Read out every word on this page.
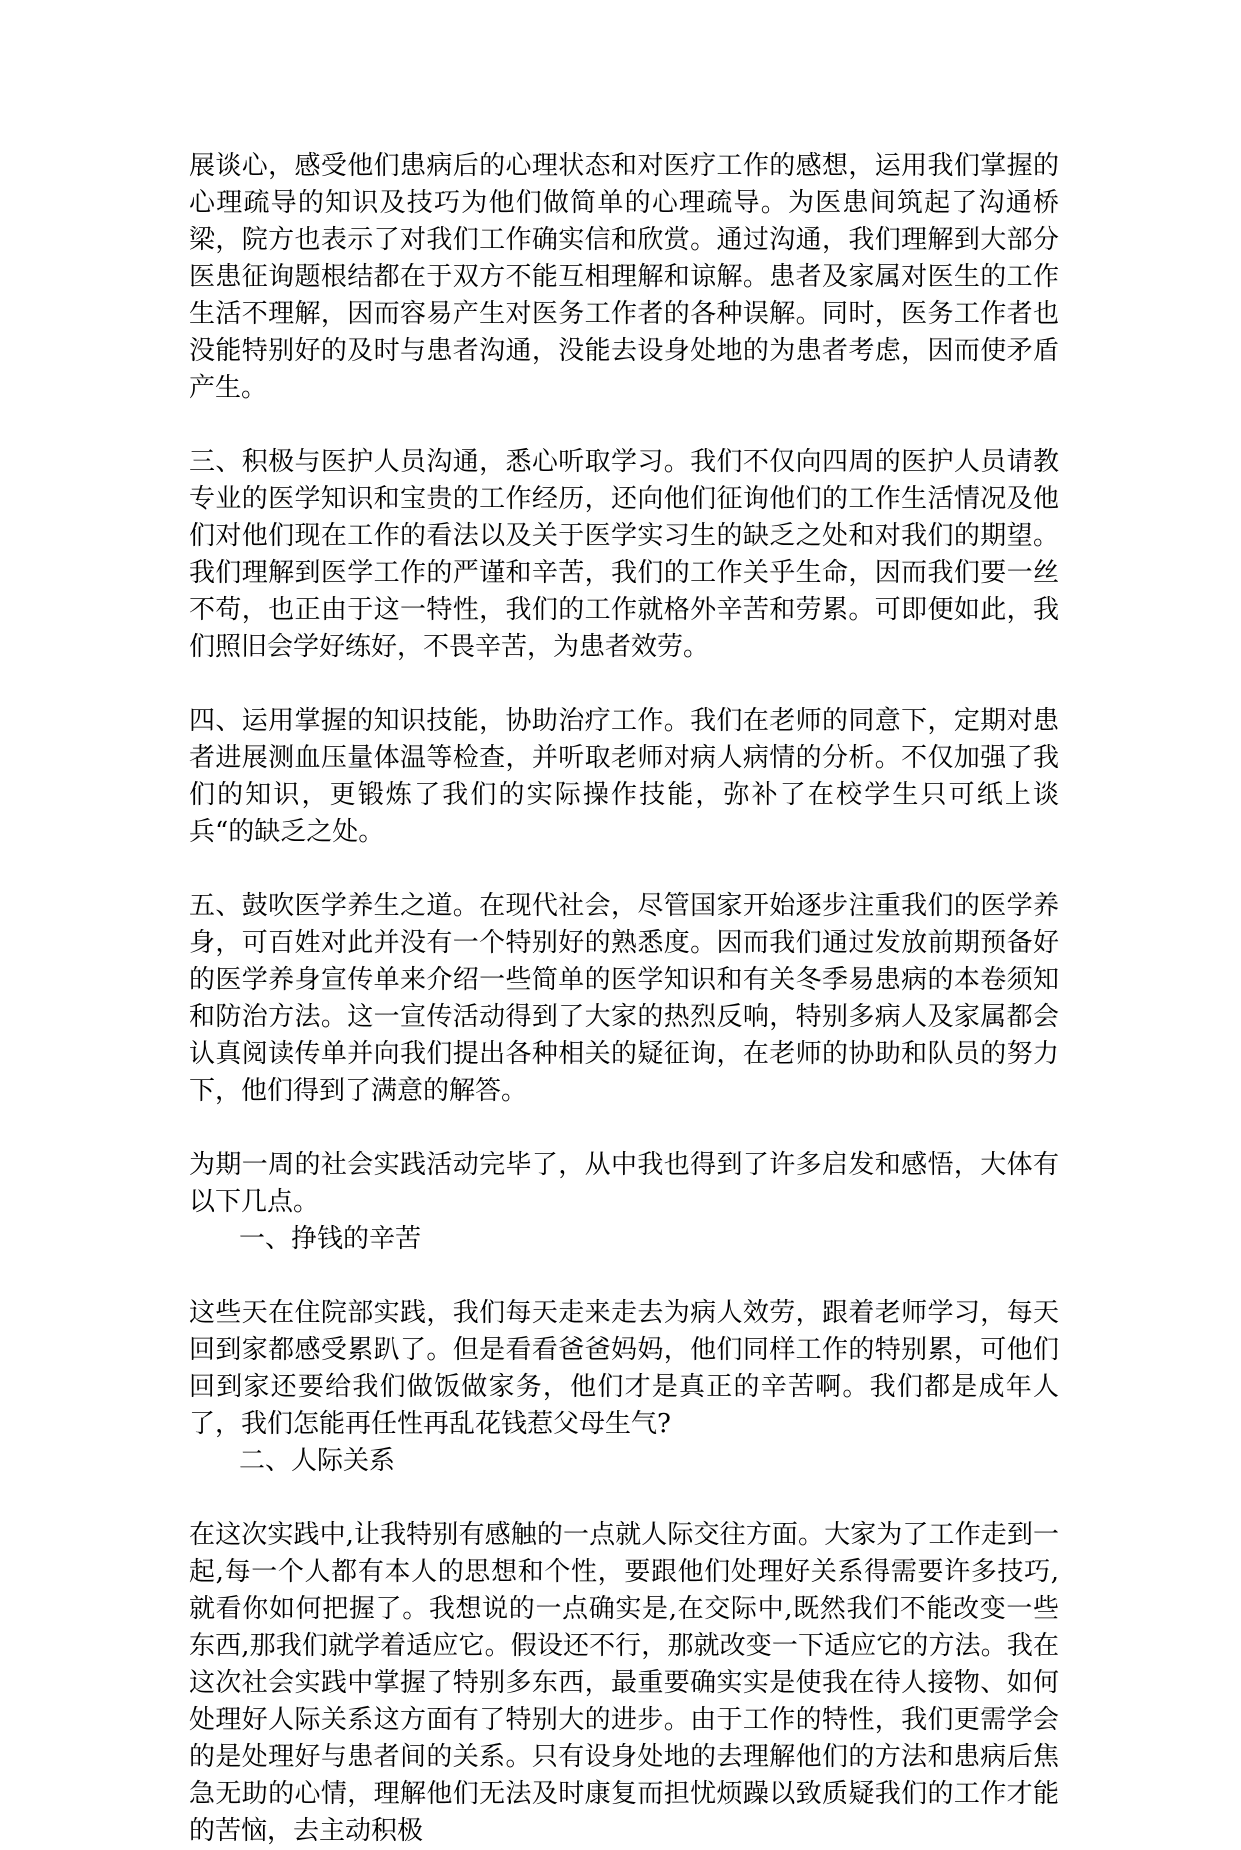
展谈心，感受他们患病后的心理状态和对医疗工作的感想，运用我们掌握的心理疏导的知识及技巧为他们做简单的心理疏导。为医患间筑起了沟通桥梁，院方也表示了对我们工作确实信和欣赏。通过沟通，我们理解到大部分医患征询题根结都在于双方不能互相理解和谅解。患者及家属对医生的工作生活不理解，因而容易产生对医务工作者的各种误解。同时，医务工作者也没能特别好的及时与患者沟通，没能去设身处地的为患者考虑，因而使矛盾产生。

三、积极与医护人员沟通，悉心听取学习。我们不仅向四周的医护人员请教专业的医学知识和宝贵的工作经历，还向他们征询他们的工作生活情况及他们对他们现在工作的看法以及关于医学实习生的缺乏之处和对我们的期望。我们理解到医学工作的严谨和辛苦，我们的工作关乎生命，因而我们要一丝不苟，也正由于这一特性，我们的工作就格外辛苦和劳累。可即便如此，我们照旧会学好练好，不畏辛苦，为患者效劳。

四、运用掌握的知识技能，协助治疗工作。我们在老师的同意下，定期对患者进展测血压量体温等检查，并听取老师对病人病情的分析。不仅加强了我们的知识，更锻炼了我们的实际操作技能，弥补了在校学生只可纸上谈兵“的缺乏之处。

五、鼓吹医学养生之道。在现代社会，尽管国家开始逐步注重我们的医学养身，可百姓对此并没有一个特别好的熟悉度。因而我们通过发放前期预备好的医学养身宣传单来介绍一些简单的医学知识和有关冬季易患病的本卷须知和防治方法。这一宣传活动得到了大家的热烈反响，特别多病人及家属都会认真阅读传单并向我们提出各种相关的疑征询，在老师的协助和队员的努力下，他们得到了满意的解答。

为期一周的社会实践活动完毕了，从中我也得到了许多启发和感悟，大体有以下几点。

一、挣钱的辛苦

这些天在住院部实践，我们每天走来走去为病人效劳，跟着老师学习，每天回到家都感受累趴了。但是看看爸爸妈妈，他们同样工作的特别累，可他们回到家还要给我们做饭做家务，他们才是真正的辛苦啊。我们都是成年人了，我们怎能再任性再乱花钱惹父母生气?

二、人际关系

在这次实践中,让我特别有感触的一点就人际交往方面。大家为了工作走到一起,每一个人都有本人的思想和个性，要跟他们处理好关系得需要许多技巧,就看你如何把握了。我想说的一点确实是,在交际中,既然我们不能改变一些东西,那我们就学着适应它。假设还不行，那就改变一下适应它的方法。我在这次社会实践中掌握了特别多东西，最重要确实实是使我在待人接物、如何处理好人际关系这方面有了特别大的进步。由于工作的特性，我们更需学会的是处理好与患者间的关系。只有设身处地的去理解他们的方法和患病后焦急无助的心情，理解他们无法及时康复而担忧烦躁以致质疑我们的工作才能的苦恼，去主动积极
